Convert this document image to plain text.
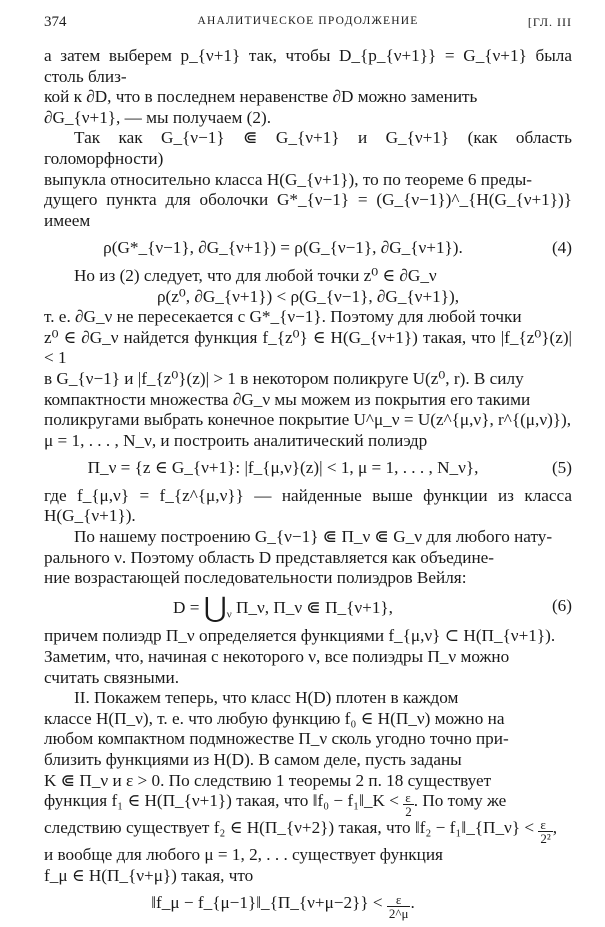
374	АНАЛИТИЧЕСКОЕ ПРОДОЛЖЕНИЕ	[ГЛ. III

а затем выберем p_{ν+1} так, чтобы D_{p_{ν+1}} = G_{ν+1} была столь близ-

кой к ∂D, что в последнем неравенстве ∂D можно заменить

∂G_{ν+1}, — мы получаем (2).

Так как G_{ν−1} ⋐ G_{ν+1} и G_{ν+1} (как область голоморфности)

выпукла относительно класса H(G_{ν+1}), то по теореме 6 преды-

дущего пункта для оболочки G*_{ν−1} = (G_{ν−1})^_{H(G_{ν+1})} имеем

ρ(G*_{ν−1}, ∂G_{ν+1}) = ρ(G_{ν−1}, ∂G_{ν+1}).	(4)

Но из (2) следует, что для любой точки z⁰ ∈ ∂G_ν

ρ(z⁰, ∂G_{ν+1}) < ρ(G_{ν−1}, ∂G_{ν+1}),

т. е. ∂G_ν не пересекается с G*_{ν−1}. Поэтому для любой точки

z⁰ ∈ ∂G_ν найдется функция f_{z⁰} ∈ H(G_{ν+1}) такая, что |f_{z⁰}(z)| < 1

в G_{ν−1} и |f_{z⁰}(z)| > 1 в некотором поликруге U(z⁰, r). В силу

компактности множества ∂G_ν мы можем из покрытия его такими

поликругами выбрать конечное покрытие U^μ_ν = U(z^{μ,ν}, r^{(μ,ν)}),

μ = 1, . . . , N_ν, и построить аналитический полиэдр

Π_ν = {z ∈ G_{ν+1}: |f_{μ,ν}(z)| < 1, μ = 1, . . . , N_ν},	(5)

где f_{μ,ν} = f_{z^{μ,ν}} — найденные выше функции из класса H(G_{ν+1}).

По нашему построению G_{ν−1} ⋐ Π_ν ⋐ G_ν для любого нату-

рального ν. Поэтому область D представляется как объедине-

ние возрастающей последовательности полиэдров Вейля:

$D = ⋃_\nu$ Π_ν, Π_ν ⋐ Π_{ν+1},	(6)

причем полиэдр Π_ν определяется функциями f_{μ,ν} ⊂ H(Π_{ν+1}).

Заметим, что, начиная с некоторого ν, все полиэдры Π_ν можно

считать связными.

II. Покажем теперь, что класс H(D) плотен в каждом

классе H(Π_ν), т. е. что любую функцию f₀ ∈ H(Π_ν) можно на

любом компактном подмножестве Π_ν сколь угодно точно при-

близить функциями из H(D). В самом деле, пусть заданы

K ⋐ Π_ν и ε > 0. По следствию 1 теоремы 2 п. 18 существует

функция f₁ ∈ H(Π_{ν+1}) такая, что ‖f₀ − f₁‖_K < $\frac{\varepsilon}{2}$ . По тому же

следствию существует f₂ ∈ H(Π_{ν+2}) такая, что ‖f₂ − f₁‖_{Π_ν} < $\frac{\varepsilon}{\text{2²}}$ ,

и вообще для любого μ = 1, 2, . . . существует функция

f_μ ∈ H(Π_{ν+μ}) такая, что

‖f_μ − f_{μ−1}‖_{Π_{ν+μ−2}} < $\frac{\varepsilon}{2\^{}\mu}$ .
